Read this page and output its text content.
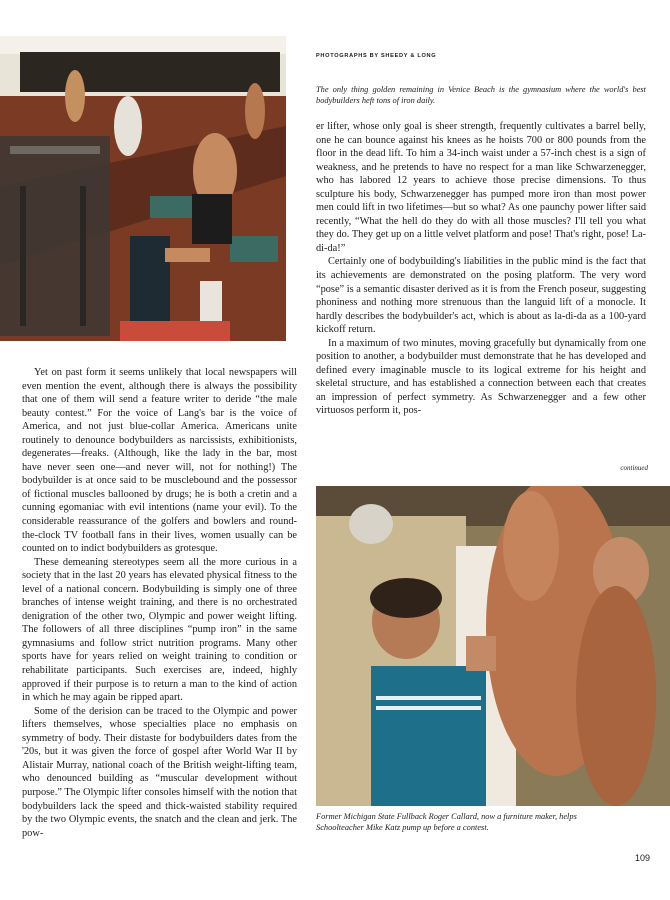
PHOTOGRAPHS BY SHEEDY & LONG
The only thing golden remaining in Venice Beach is the gymnasium where the world's best bodybuilders heft tons of iron daily.

er lifter, whose only goal is sheer strength, frequently cultivates a barrel belly, one he can bounce against his knees as he hoists 700 or 800 pounds from the floor in the dead lift. To him a 34-inch waist under a 57-inch chest is a sign of weakness, and he pretends to have no respect for a man like Schwarzenegger, who has labored 12 years to achieve those precise dimensions. To thus sculpture his body, Schwarzenegger has pumped more iron than most power men could lift in two lifetimes—but so what? As one paunchy power lifter said recently, “What the hell do they do with all those muscles? I'll tell you what they do. They get up on a little velvet platform and pose! That's right, pose! La-di-da!”

Certainly one of bodybuilding's liabilities in the public mind is the fact that its achievements are demonstrated on the posing platform. The very word “pose” is a semantic disaster derived as it is from the French poseur, suggesting phoniness and nothing more strenuous than the languid lift of a monocle. It hardly describes the bodybuilder's act, which is about as la-di-da as a 100-yard kickoff return.

In a maximum of two minutes, moving gracefully but dynamically from one position to another, a bodybuilder must demonstrate that he has developed and defined every imaginable muscle to its logical extreme for his height and skeletal structure, and has established a connection between each that creates an impression of perfect symmetry. As Schwarzenegger and a few other virtuosos perform it, pos-

continued

Yet on past form it seems unlikely that local newspapers will even mention the event, although there is always the possibility that one of them will send a feature writer to deride “the male beauty contest.” For the voice of Lang's bar is the voice of America, and not just blue-collar America. Americans unite routinely to denounce bodybuilders as narcissists, exhibitionists, degenerates—freaks. (Although, like the lady in the bar, most have never seen one—and never will, not for nothing!) The bodybuilder is at once said to be musclebound and the possessor of fictional muscles ballooned by drugs; he is both a cretin and a cunning egomaniac with evil intentions (name your evil). To the considerable reassurance of the golfers and bowlers and round-the-clock TV football fans in their lives, women usually can be counted on to indict bodybuilders as grotesque.

These demeaning stereotypes seem all the more curious in a society that in the last 20 years has elevated physical fitness to the level of a national concern. Bodybuilding is simply one of three branches of intense weight training, and there is no orchestrated denigration of the other two, Olympic and power weight lifting. The followers of all three disciplines “pump iron” in the same gymnasiums and follow strict nutrition programs. Many other sports have for years relied on weight training to condition or rehabilitate participants. Such exercises are, indeed, highly approved if their purpose is to return a man to the kind of action in which he may again be ripped apart.

Some of the derision can be traced to the Olympic and power lifters themselves, whose specialties place no emphasis on symmetry of body. Their distaste for bodybuilders dates from the '20s, but it was given the force of gospel after World War II by Alistair Murray, national coach of the British weight-lifting team, who denounced building as “muscular development without purpose.” The Olympic lifter consoles himself with the notion that bodybuilders lack the speed and thick-waisted stability required by the two Olympic events, the snatch and the clean and jerk. The pow-

Former Michigan State Fullback Roger Callard, now a furniture maker, helps Schoolteacher Mike Katz pump up before a contest.
109
